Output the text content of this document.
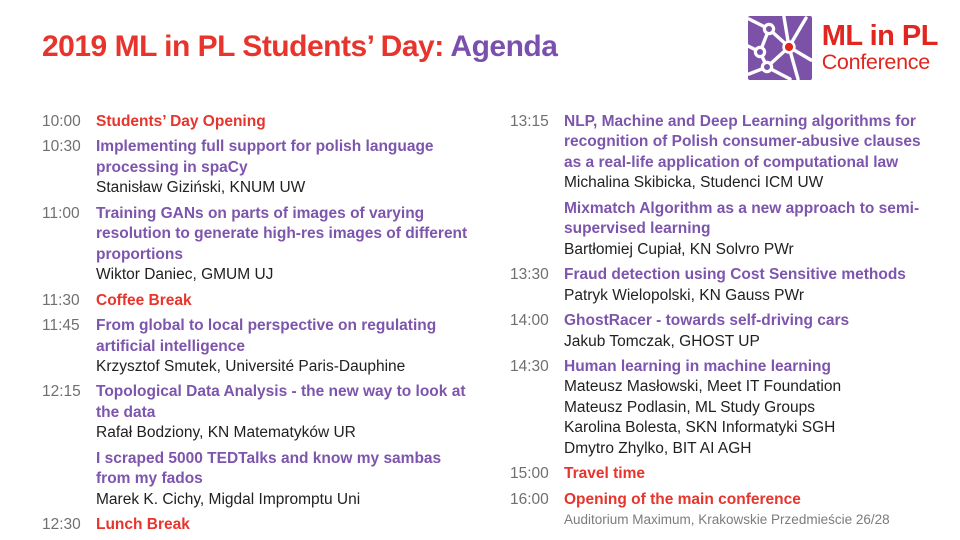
2019 ML in PL Students’ Day: Agenda	ML in PL
Conference
10:00 Students’ Day Opening
10:30 Implementing full support for polish language processing in spaCy
Stanisław Giziński, KNUM UW
11:00	Training GANs on parts of images of varying resolution to generate high-res images of different proportions
Wiktor Daniec, GMUM UJ
11:30	Coffee Break
11:45	From global to local perspective on regulating artificial intelligence
Krzysztof Smutek, Université Paris-Dauphine
12:15 Topological Data Analysis - the new way to look at the data
Rafał Bodziony, KN Matematyków UR
I scraped 5000 TEDTalks and know my sambas from my fados
Marek K. Cichy, Migdal Impromptu Uni
12:30 Lunch Break
13:15 NLP, Machine and Deep Learning algorithms for recognition of Polish consumer-abusive clauses as a real-life application of computational law
Michalina Skibicka, Studenci ICM UW
Mixmatch Algorithm as a new approach to semi-supervised learning
Bartłomiej Cupiał, KN Solvro PWr
13:30 Fraud detection using Cost Sensitive methods
Patryk Wielopolski, KN Gauss PWr
14:00 GhostRacer - towards self-driving cars
Jakub Tomczak, GHOST UP
14:30 Human learning in machine learning
Mateusz Masłowski, Meet IT Foundation
Mateusz Podlasin, ML Study Groups
Karolina Bolesta, SKN Informatyki SGH
Dmytro Zhylko, BIT AI AGH
15:00 Travel time
16:00 Opening of the main conference
Auditorium Maximum, Krakowskie Przedmieście 26/28
